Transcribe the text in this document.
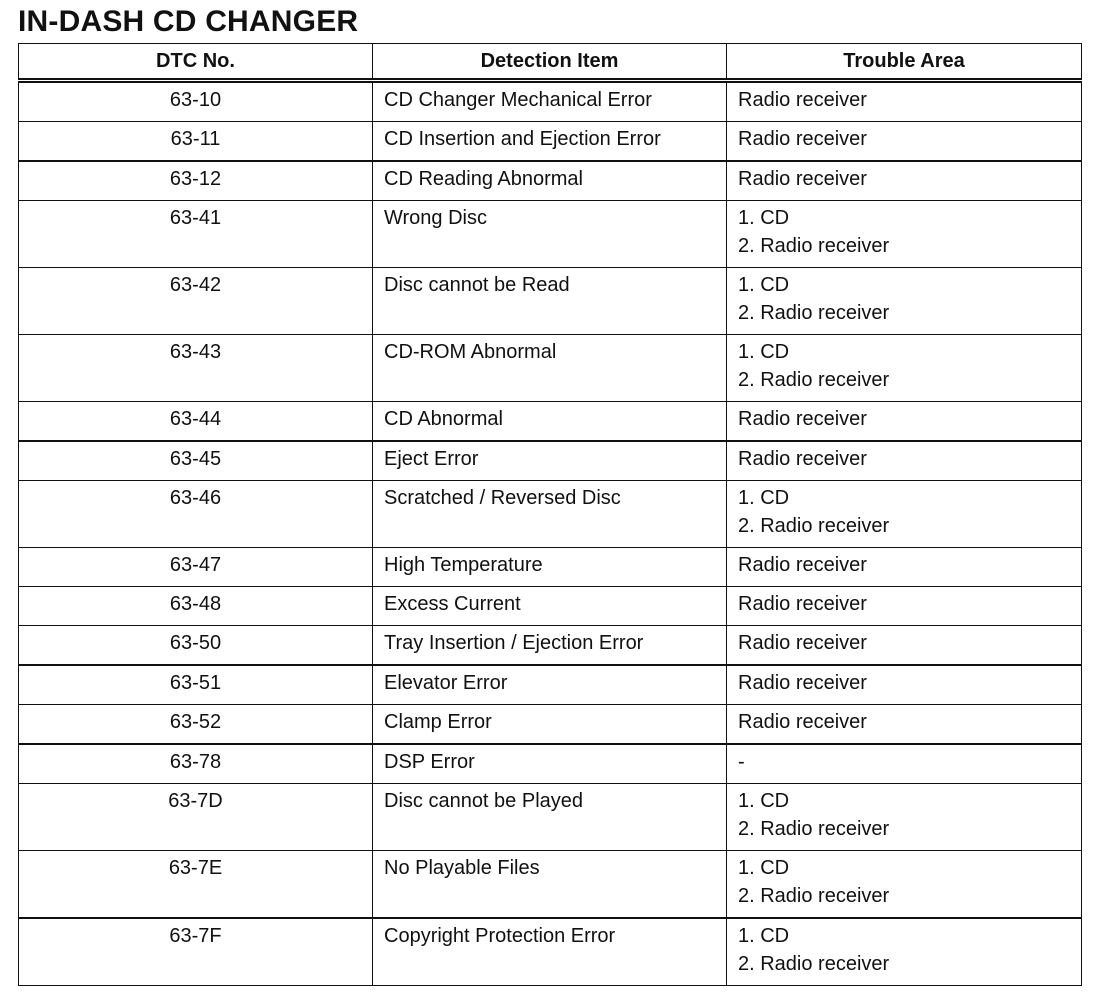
IN-DASH CD CHANGER
DTC No.	Detection Item	Trouble Area
63-10	CD Changer Mechanical Error	Radio receiver

63-11	CD Insertion and Ejection Error	Radio receiver

63-12	CD Reading Abnormal	Radio receiver

63-41	Wrong Disc	1. CD
2. Radio receiver

63-42	Disc cannot be Read	1. CD
2. Radio receiver

63-43	CD-ROM Abnormal	1. CD
2. Radio receiver

63-44	CD Abnormal	Radio receiver

63-45	Eject Error	Radio receiver

63-46	Scratched / Reversed Disc	1. CD
2. Radio receiver

63-47	High Temperature	Radio receiver

63-48	Excess Current	Radio receiver

63-50	Tray Insertion / Ejection Error	Radio receiver

63-51	Elevator Error	Radio receiver

63-52	Clamp Error	Radio receiver

63-78	DSP Error	-

63-7D	Disc cannot be Played	1. CD
2. Radio receiver

63-7E	No Playable Files	1. CD
2. Radio receiver

63-7F	Copyright Protection Error	1. CD
2. Radio receiver
